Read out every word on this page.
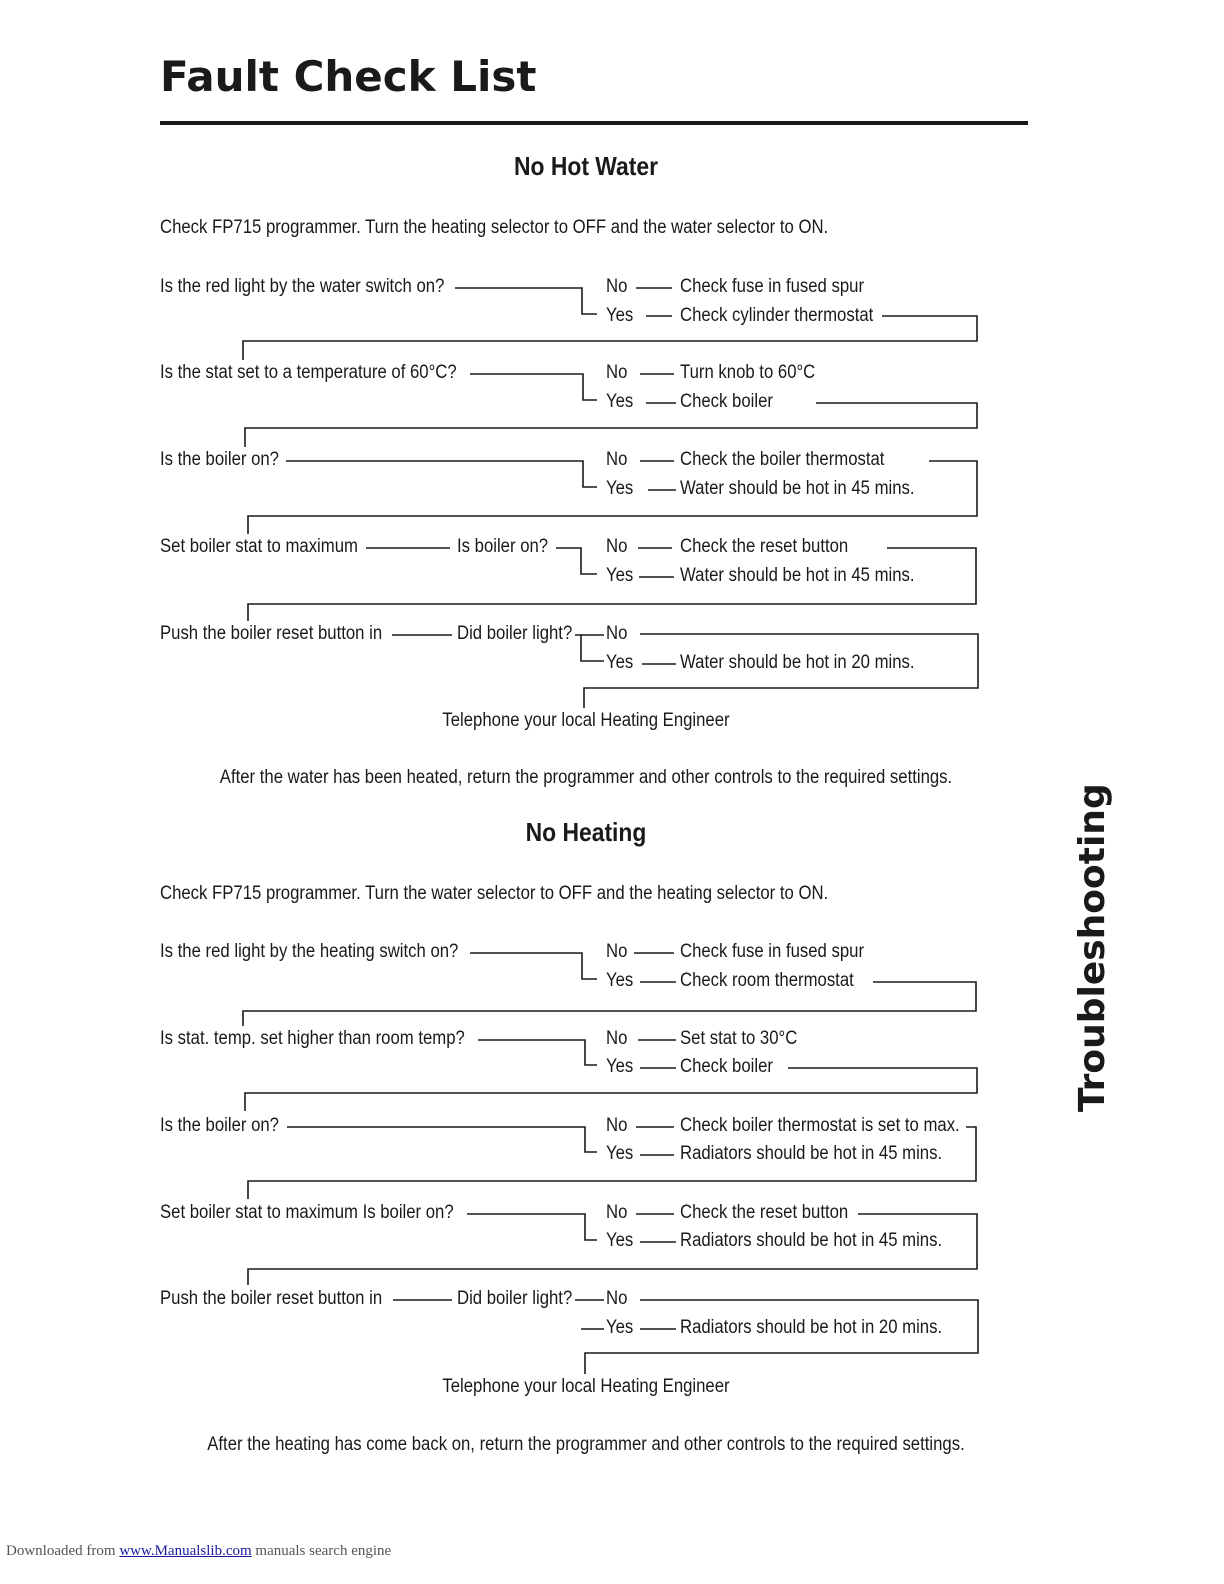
Fault Check List
No Hot Water
Check FP715 programmer. Turn the heating selector to OFF and the water selector to ON.
Is the red light by the water switch on?	No	Check fuse in fused spur
Yes Check cylinder thermostat
Is the stat set to a temperature of 60°C?	No	Turn knob to 60°C
Yes Check boiler
Is the boiler on?	No	Check the boiler thermostat
Yes Water should be hot in 45 mins.
Set boiler stat to maximum	Is boiler on?	No	Check the reset button
Yes Water should be hot in 45 mins.
Push the boiler reset button in	Did boiler light? No
Yes Water should be hot in 20 mins.
Telephone your local Heating Engineer
After the water has been heated, return the programmer and other controls to the required settings.
No Heating
Check FP715 programmer. Turn the water selector to OFF and the heating selector to ON.
Is the red light by the heating switch on?	No	Check fuse in fused spur
Yes Check room thermostat
Is stat. temp. set higher than room temp?	No	Set stat to 30°C
Yes Check boiler
Is the boiler on?	No	Check boiler thermostat is set to max.
Yes Radiators should be hot in 45 mins.
Set boiler stat to maximum Is boiler on?	No	Check the reset button
Yes Radiators should be hot in 45 mins.
Push the boiler reset button in	Did boiler light? No
Yes Radiators should be hot in 20 mins.
Telephone your local Heating Engineer
After the heating has come back on, return the programmer and other controls to the required settings.
Troubleshooting
Downloaded from www.Manualslib.com manuals search engine
